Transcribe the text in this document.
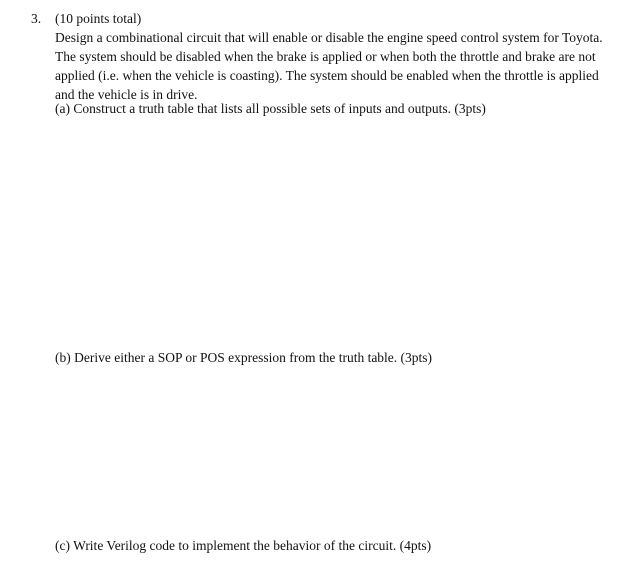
3. (10 points total)
Design a combinational circuit that will enable or disable the engine speed control system for Toyota. The system should be disabled when the brake is applied or when both the throttle and brake are not applied (i.e. when the vehicle is coasting). The system should be enabled when the throttle is applied and the vehicle is in drive.
(a) Construct a truth table that lists all possible sets of inputs and outputs. (3pts)
(b) Derive either a SOP or POS expression from the truth table. (3pts)
(c) Write Verilog code to implement the behavior of the circuit. (4pts)
